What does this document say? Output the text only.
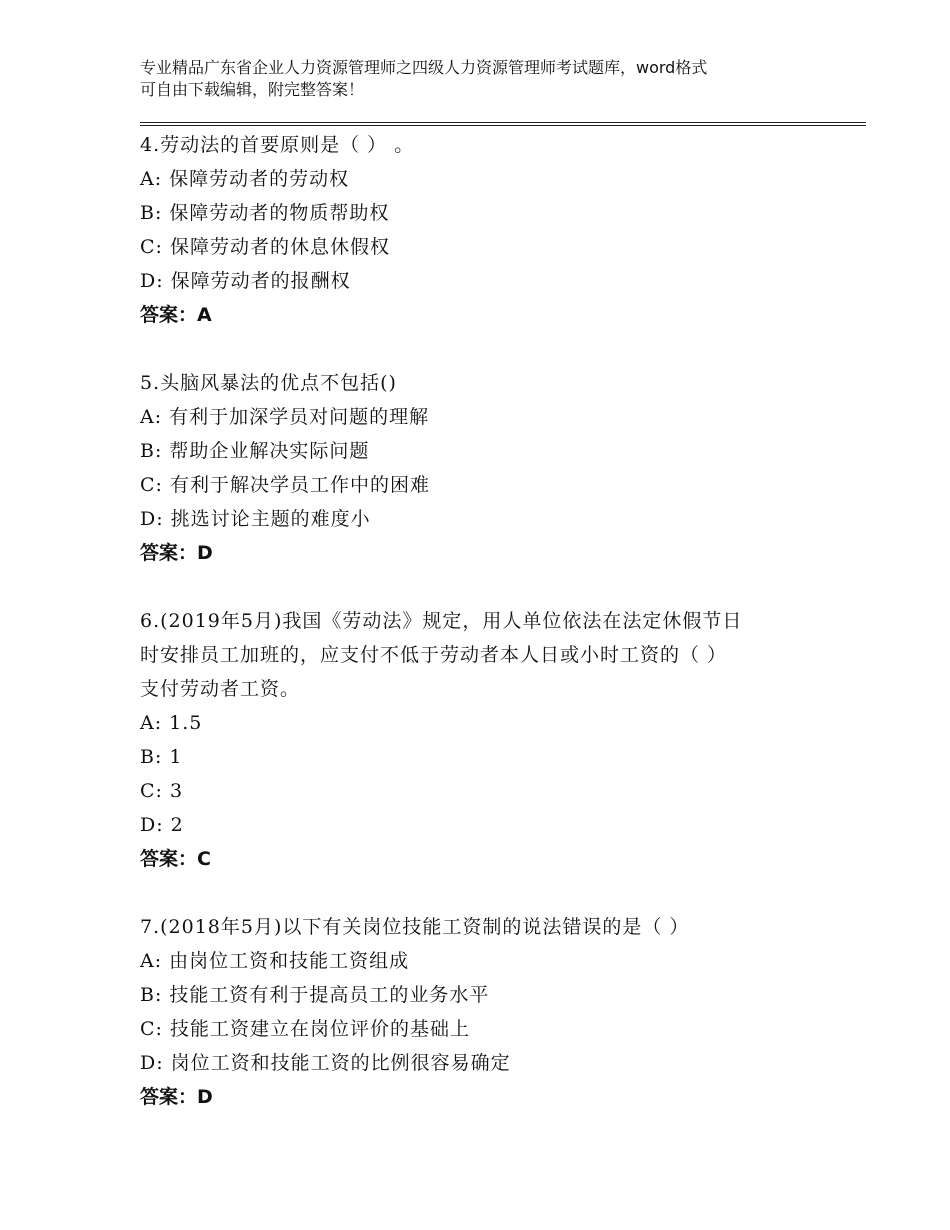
专业精品广东省企业人力资源管理师之四级人力资源管理师考试题库，word格式
可自由下载编辑，附完整答案！

4.劳动法的首要原则是（ ） 。

A: 保障劳动者的劳动权

B: 保障劳动者的物质帮助权

C: 保障劳动者的休息休假权

D: 保障劳动者的报酬权

答案：A

5.头脑风暴法的优点不包括()

A: 有利于加深学员对问题的理解

B: 帮助企业解决实际问题

C: 有利于解决学员工作中的困难

D: 挑选讨论主题的难度小

答案：D

6.(2019年5月)我国《劳动法》规定，用人单位依法在法定休假节日

时安排员工加班的，应支付不低于劳动者本人日或小时工资的（ ）

支付劳动者工资。

A: 1.5

B: 1

C: 3

D: 2

答案：C

7.(2018年5月)以下有关岗位技能工资制的说法错误的是（ ）

A: 由岗位工资和技能工资组成

B: 技能工资有利于提高员工的业务水平

C: 技能工资建立在岗位评价的基础上

D: 岗位工资和技能工资的比例很容易确定

答案：D
